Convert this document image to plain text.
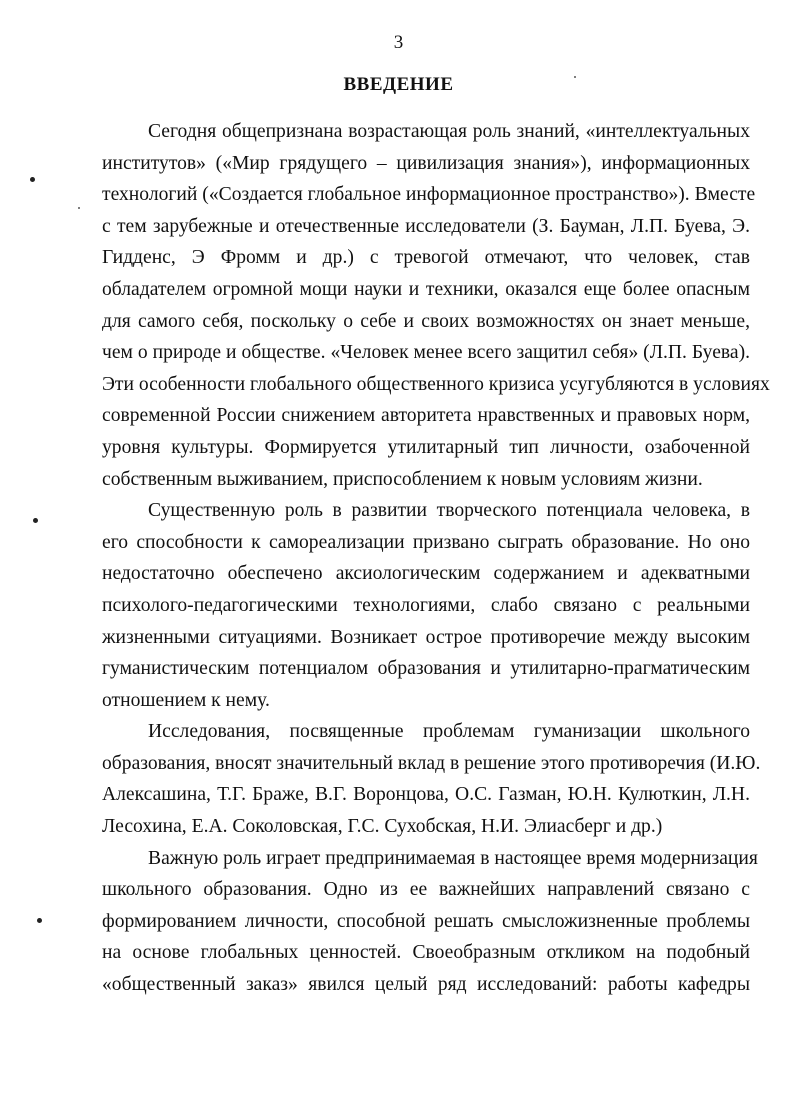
3
ВВЕДЕНИЕ
Сегодня общепризнана возрастающая роль знаний, «интеллектуальных
институтов» («Мир грядущего – цивилизация знания»), информационных
технологий («Создается глобальное информационное пространство»). Вместе
с тем зарубежные и отечественные исследователи (З. Бауман, Л.П. Буева, Э.
Гидденс, Э Фромм и др.) с тревогой отмечают, что человек, став
обладателем огромной мощи науки и техники, оказался еще более опасным
для самого себя, поскольку о себе и своих возможностях он знает меньше,
чем о природе и обществе. «Человек менее всего защитил себя» (Л.П. Буева).
Эти особенности глобального общественного кризиса усугубляются в условиях
современной России снижением авторитета нравственных и правовых норм,
уровня культуры. Формируется утилитарный тип личности, озабоченной
собственным выживанием, приспособлением к новым условиям жизни.
Существенную роль в развитии творческого потенциала человека, в
его способности к самореализации призвано сыграть образование. Но оно
недостаточно обеспечено аксиологическим содержанием и адекватными
психолого-педагогическими технологиями, слабо связано с реальными
жизненными ситуациями. Возникает острое противоречие между высоким
гуманистическим потенциалом образования и утилитарно-прагматическим
отношением к нему.
Исследования, посвященные проблемам гуманизации школьного
образования, вносят значительный вклад в решение этого противоречия (И.Ю.
Алексашина, Т.Г. Браже, В.Г. Воронцова, О.С. Газман, Ю.Н. Кулюткин, Л.Н.
Лесохина, Е.А. Соколовская, Г.С. Сухобская, Н.И. Элиасберг и др.)
Важную роль играет предпринимаемая в настоящее время модернизация
школьного образования. Одно из ее важнейших направлений связано с
формированием личности, способной решать смысложизненные проблемы
на основе глобальных ценностей. Своеобразным откликом на подобный
«общественный заказ» явился целый ряд исследований: работы кафедры
